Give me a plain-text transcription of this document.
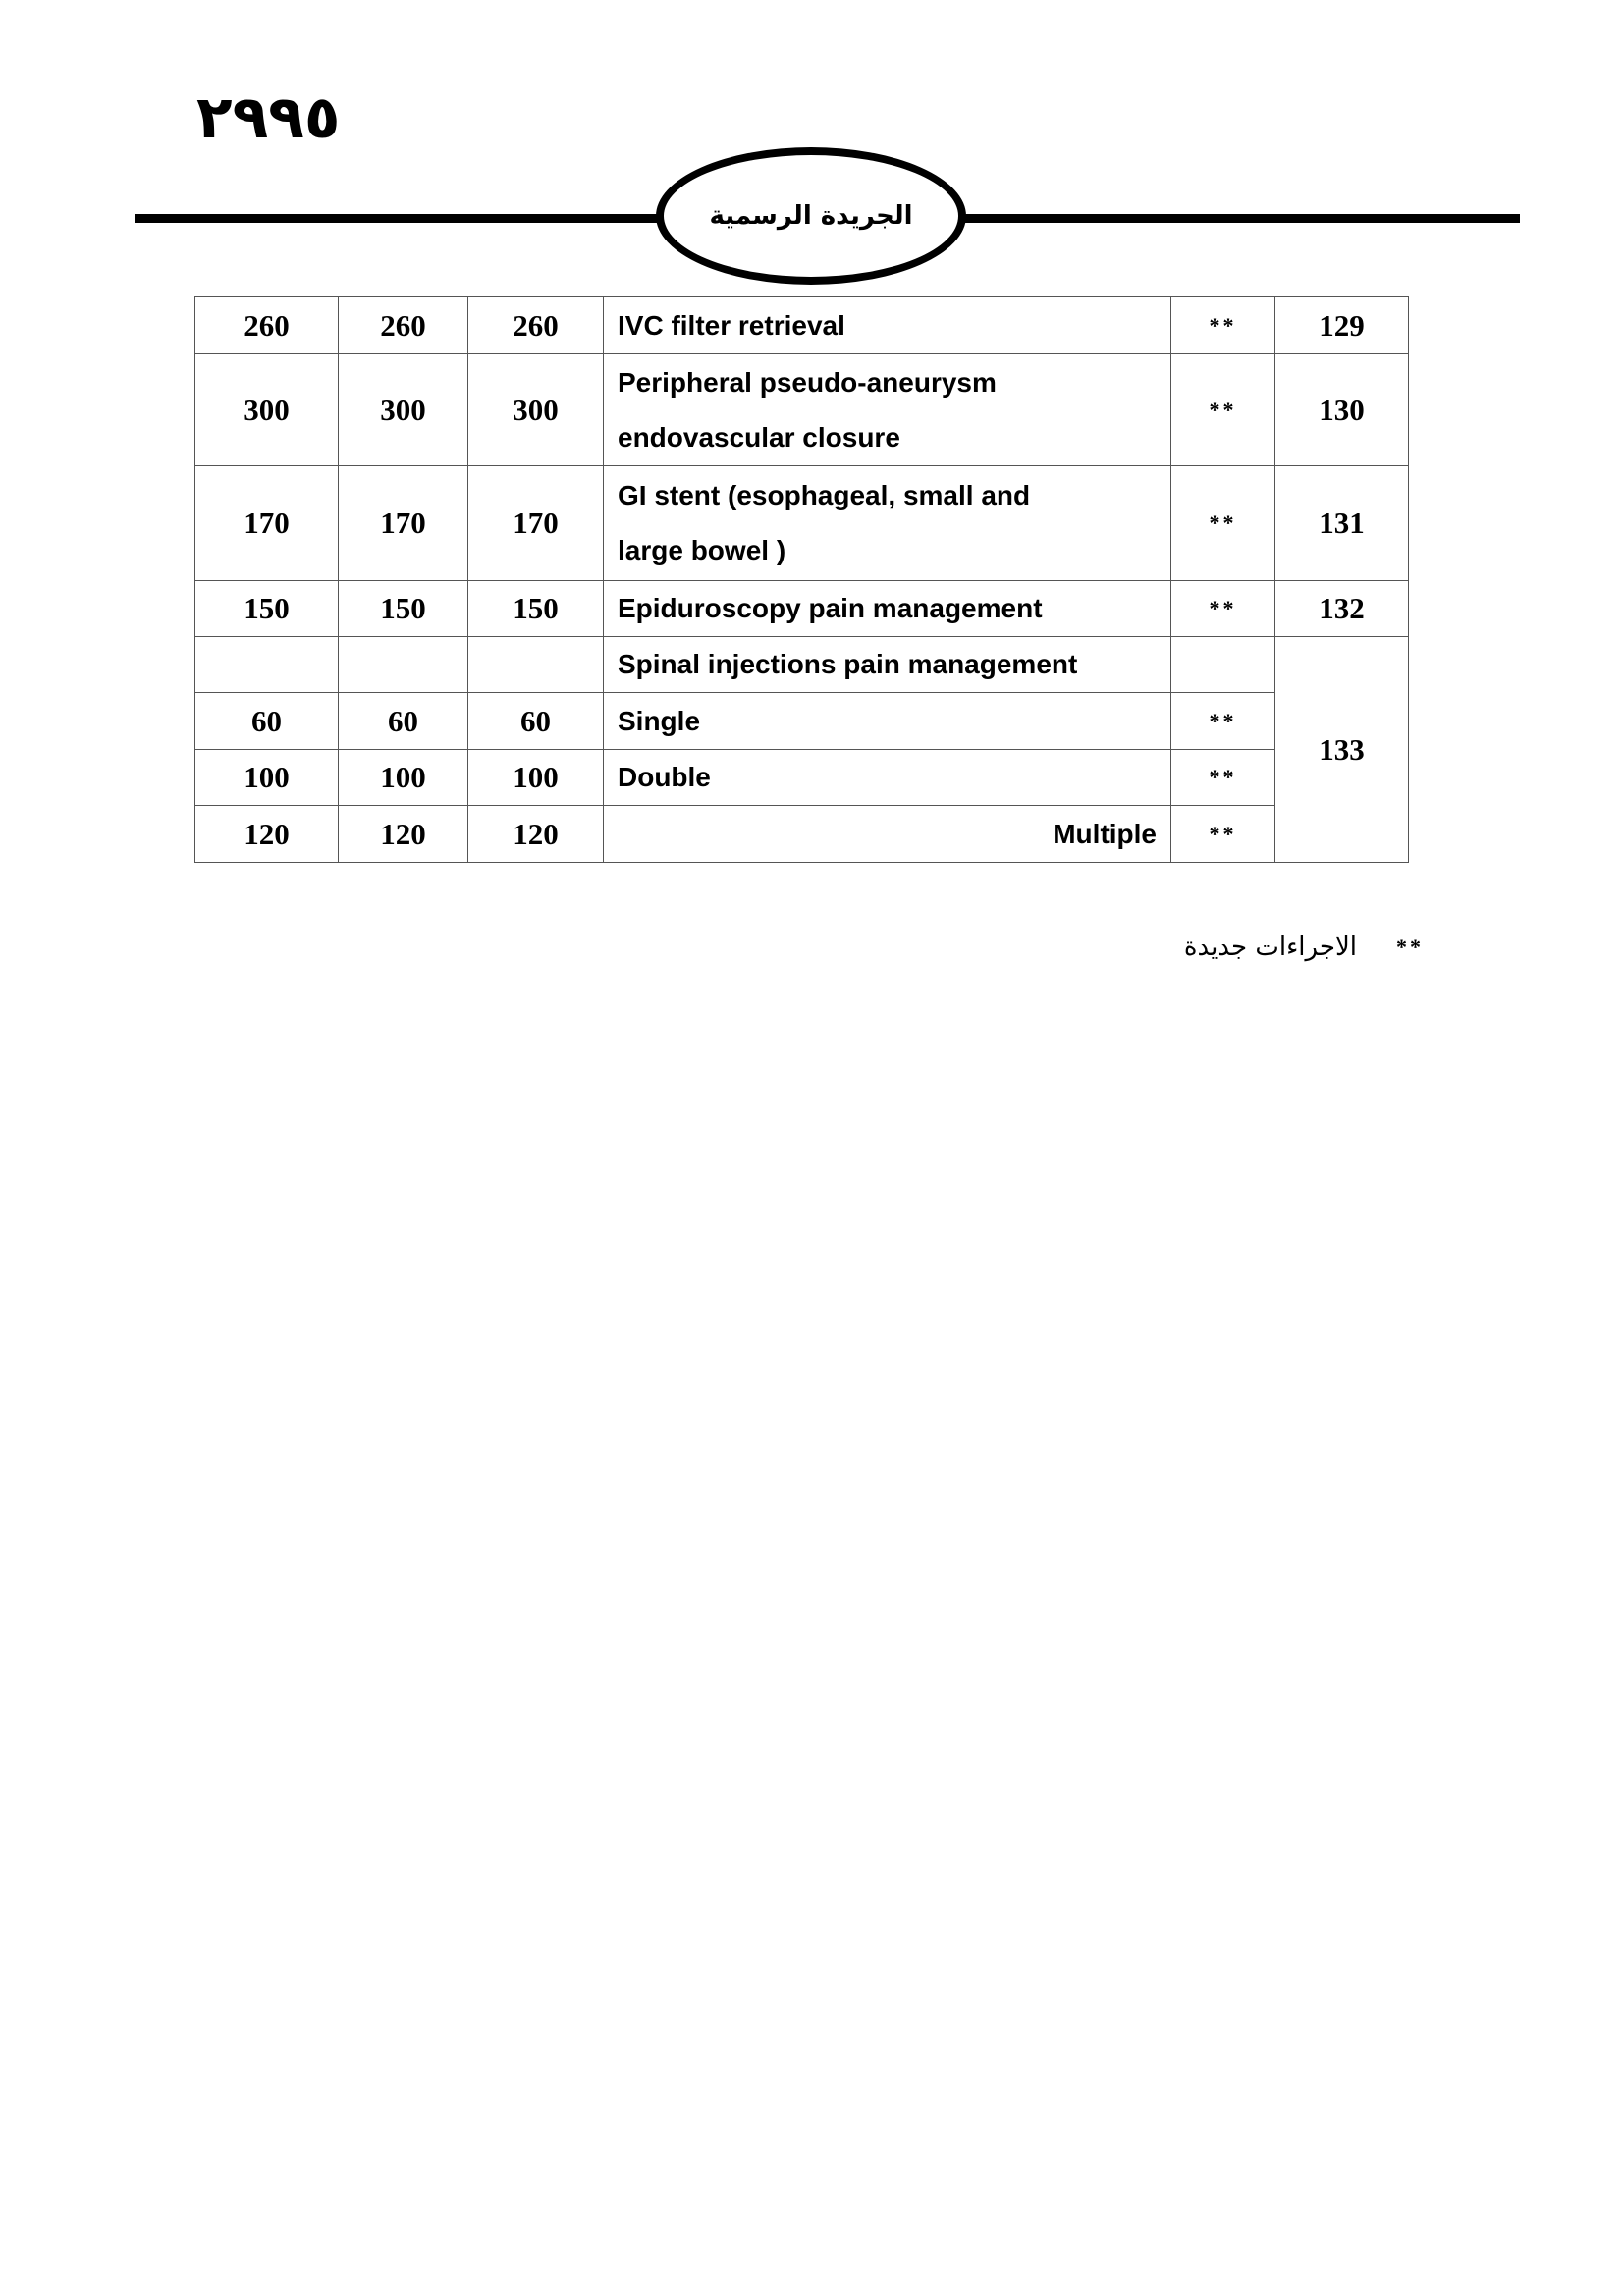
٢٩٩٥
الجريدة الرسمية
260	260	260	IVC filter retrieval	**	129
300	300	300	Peripheral pseudo-aneurysm
endovascular closure	**	130
170	170	170	GI stent (esophageal, small and
large bowel )	**	131
150	150	150	Epiduroscopy pain management	**	132
			Spinal injections pain management		133
60	60	60	Single	**	
100	100	100	Double	**	
120	120	120	Multiple	**	
**
الاجراءات جديدة
